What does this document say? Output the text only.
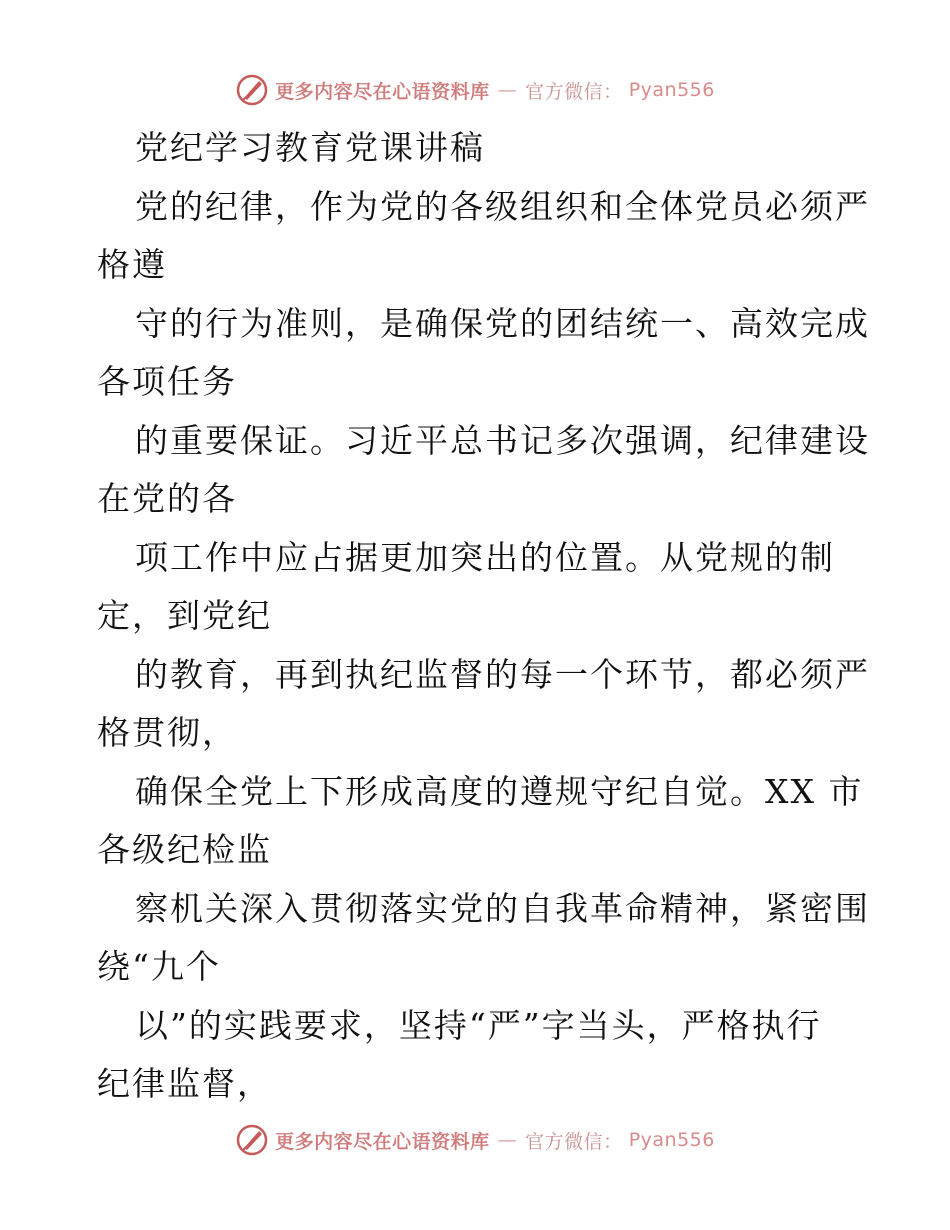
更多内容尽在心语资料库 — 官方微信： Pyan556
党纪学习教育党课讲稿
党的纪律，作为党的各级组织和全体党员必须严
格遵
守的行为准则，是确保党的团结统一、高效完成
各项任务
的重要保证。习近平总书记多次强调，纪律建设
在党的各
项工作中应占据更加突出的位置。从党规的制
定，到党纪
的教育，再到执纪监督的每一个环节，都必须严
格贯彻，
确保全党上下形成高度的遵规守纪自觉。XX 市
各级纪检监
察机关深入贯彻落实党的自我革命精神，紧密围
绕“九个
以”的实践要求，坚持“严”字当头，严格执行
纪律监督，
更多内容尽在心语资料库 — 官方微信： Pyan556
